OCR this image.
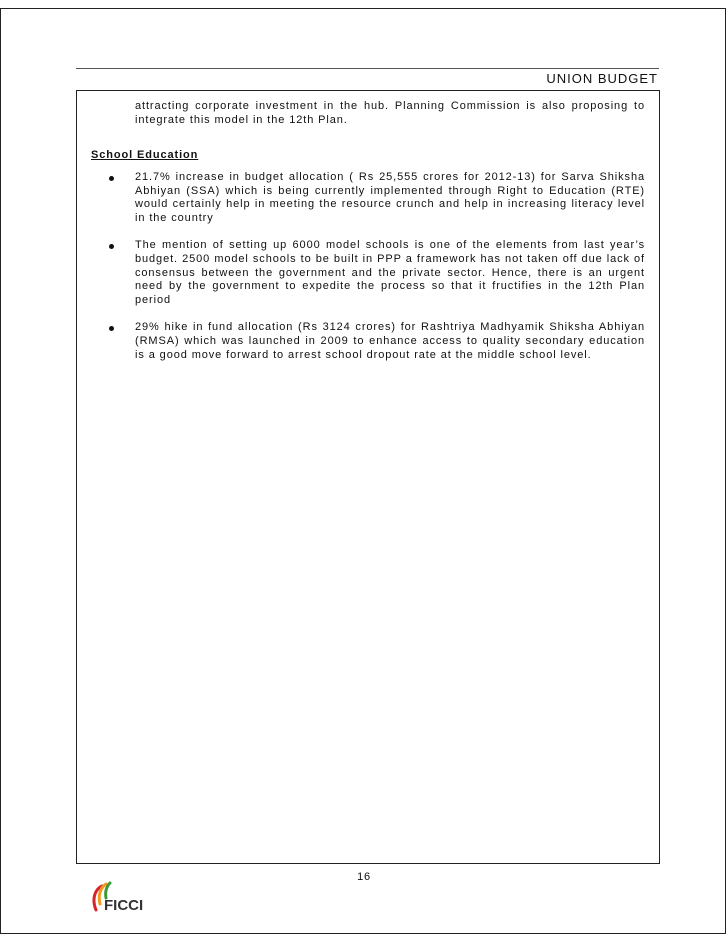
UNION BUDGET
attracting corporate investment in the hub. Planning Commission is also proposing to integrate this model in the 12th Plan.
School Education
21.7% increase in budget allocation ( Rs 25,555 crores for 2012-13) for Sarva Shiksha Abhiyan (SSA) which is being currently implemented through Right to Education (RTE) would certainly help in meeting the resource crunch and help in increasing literacy level in the country
The mention of setting up 6000 model schools is one of the elements from last year’s budget. 2500 model schools to be built in PPP a framework has not taken off due lack of consensus between the government and the private sector. Hence, there is an urgent need by the government to expedite the process so that it fructifies in the 12th Plan period
29% hike in fund allocation (Rs 3124 crores) for Rashtriya Madhyamik Shiksha Abhiyan (RMSA) which was launched in 2009 to enhance access to quality secondary education is a good move forward to arrest school dropout rate at the middle school level.
16
FICCI
